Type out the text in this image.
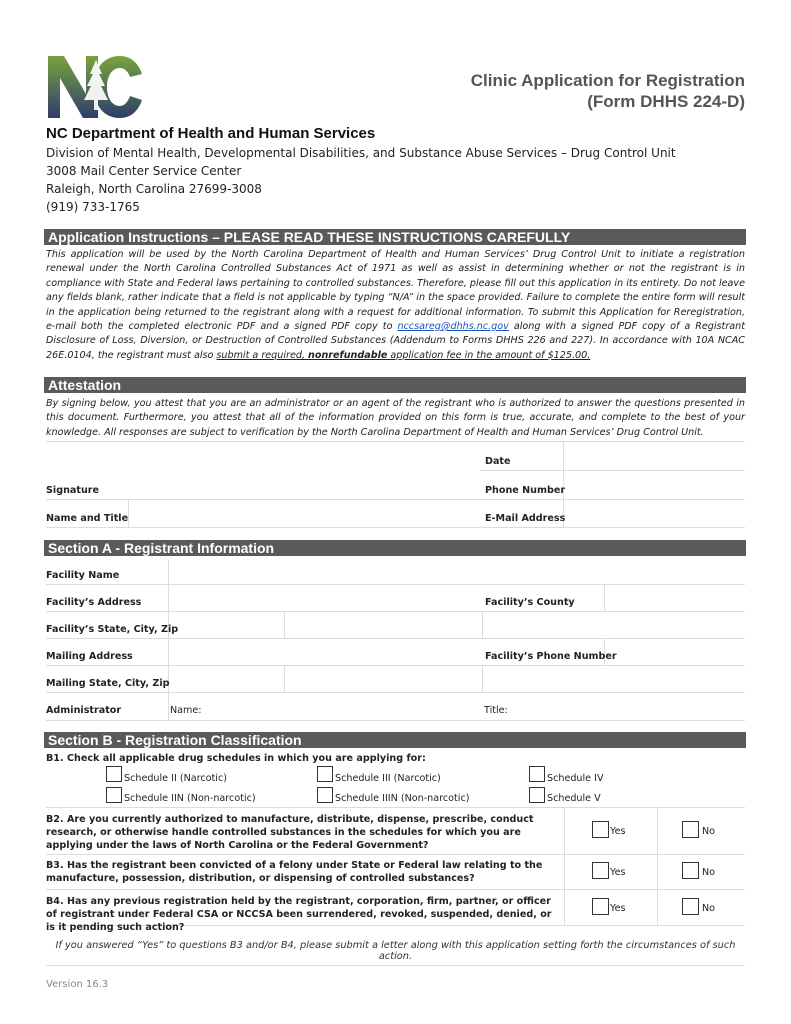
Clinic Application for Registration
(Form DHHS 224-D)
NC Department of Health and Human Services
Division of Mental Health, Developmental Disabilities, and Substance Abuse Services – Drug Control Unit
3008 Mail Center Service Center
Raleigh, North Carolina 27699-3008
(919) 733-1765
Application Instructions – PLEASE READ THESE INSTRUCTIONS CAREFULLY
This application will be used by the North Carolina Department of Health and Human Services’ Drug Control Unit to initiate a registration renewal under the North Carolina Controlled Substances Act of 1971 as well as assist in determining whether or not the registrant is in compliance with State and Federal laws pertaining to controlled substances. Therefore, please fill out this application in its entirety. Do not leave any fields blank, rather indicate that a field is not applicable by typing “N/A” in the space provided. Failure to complete the entire form will result in the application being returned to the registrant along with a request for additional information. To submit this Application for Reregistration, e-mail both the completed electronic PDF and a signed PDF copy to nccsareg@dhhs.nc.gov along with a signed PDF copy of a Registrant Disclosure of Loss, Diversion, or Destruction of Controlled Substances (Addendum to Forms DHHS 226 and 227). In accordance with 10A NCAC 26E.0104, the registrant must also submit a required, nonrefundable application fee in the amount of $125.00.
Attestation
By signing below, you attest that you are an administrator or an agent of the registrant who is authorized to answer the questions presented in this document. Furthermore, you attest that all of the information provided on this form is true, accurate, and complete to the best of your knowledge. All responses are subject to verification by the North Carolina Department of Health and Human Services’ Drug Control Unit.
Date
Signature	Phone Number
Name and Title	E-Mail Address
Section A - Registrant Information
Facility Name
Facility’s Address	Facility’s County
Facility’s State, City, Zip
Mailing Address	Facility’s Phone Number
Mailing State, City, Zip
Administrator	Name:	Title:
Section B - Registration Classification
B1. Check all applicable drug schedules in which you are applying for:
Schedule II (Narcotic)	Schedule III (Narcotic)	Schedule IV
Schedule IIN (Non-narcotic)	Schedule IIIN (Non-narcotic)	Schedule V
B2. Are you currently authorized to manufacture, distribute, dispense, prescribe, conduct research, or otherwise handle controlled substances in the schedules for which you are applying under the laws of North Carolina or the Federal Government?
Yes	No
B3. Has the registrant been convicted of a felony under State or Federal law relating to the manufacture, possession, distribution, or dispensing of controlled substances?
Yes	No
B4. Has any previous registration held by the registrant, corporation, firm, partner, or officer of registrant under Federal CSA or NCCSA been surrendered, revoked, suspended, denied, or is it pending such action?
Yes	No
If you answered “Yes” to questions B3 and/or B4, please submit a letter along with this application setting forth the circumstances of such action.
Version 16.3
